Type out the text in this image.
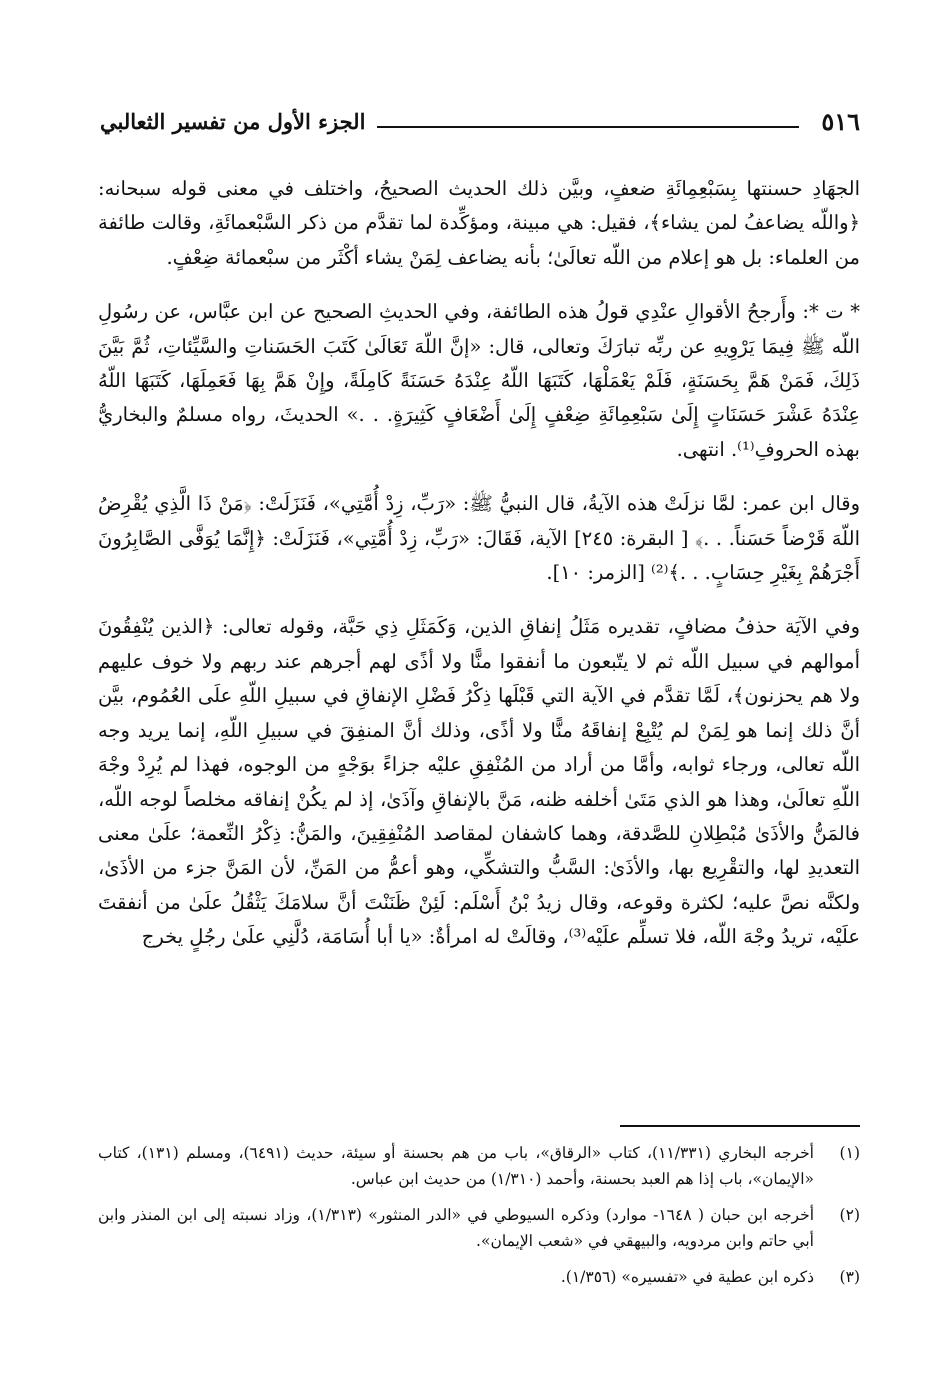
٥١٦
الجزء الأول من تفسير الثعالبي

الجهَادِ حسنتها بِسَبْعِمِائَةِ ضعفٍ، وبيَّن ذلك الحديث الصحيحُ، واختلف في معنى قوله سبحانه: ﴿واللّه يضاعفُ لمن يشاء﴾، فقيل: هي مبينة، ومؤكِّدة لما تقدَّم من ذكر السَّبْعمائَةِ، وقالت طائفة من العلماء: بل هو إعلام من اللّه تعالَىٰ؛ بأنه يضاعف لِمَنْ يشاء أكْثَر من سبْعمائة ضِعْفٍ.

* ت *: وأَرجحُ الأقوالِ عنْدِي قولُ هذه الطائفة، وفي الحديثِ الصحيح عن ابن عبَّاس، عن رسُولِ اللّه ﷺ فِيمَا يَرْوِيهِ عن ربِّه تبارَكَ وتعالى، قال: «إنَّ اللّهَ تَعَالَىٰ كَتَبَ الحَسَناتِ والسَّيِّئاتِ، ثُمَّ بَيَّنَ ذَلِكَ، فَمَنْ هَمَّ بِحَسَنَةٍ، فَلَمْ يَعْمَلْهَا، كَتَبَهَا اللّهُ عِنْدَهُ حَسَنَةً كَامِلَةً، وإِنْ هَمَّ بِهَا فَعَمِلَهَا، كَتَبَهَا اللّهُ عِنْدَهُ عَشْرَ حَسَنَاتٍ إِلَىٰ سَبْعِمِائَةِ ضِعْفٍ إِلَىٰ أَضْعَافٍ كَثِيرَةٍ. . .» الحديثَ، رواه مسلمٌ والبخاريُّ بهذه الحروفِ⁽¹⁾. انتهى.

وقال ابن عمر: لمَّا نزلَتْ هذه الآيةُ، قال النبيُّ ﷺ: «رَبِّ، زِدْ أُمَّتِي»، فَنَزَلَتْ: ﴿مَنْ ذَا الَّذِي يُقْرِضُ اللّهَ قَرْضاً حَسَناً. . .﴾ [ البقرة: ٢٤٥] الآية، فَقَالَ: «رَبِّ، زِدْ أُمَّتِي»، فَنَزَلَتْ: ﴿إِنَّمَا يُوَفَّى الصَّابِرُونَ أَجْرَهُمْ بِغَيْرِ حِسَابٍ. . .﴾⁽²⁾ [الزمر: ١٠].

وفي الآيَة حذفُ مضافٍ، تقديره مَثَلُ إنفاقِ الذين، وَكَمَثَلِ ذِي حَبَّة، وقوله تعالى: ﴿الذين يُنْفِقُونَ أموالهم في سبيل اللّه ثم لا يتّبعون ما أنفقوا منًّا ولا أذًى لهم أجرهم عند ربهم ولا خوف عليهم ولا هم يحزنون﴾، لَمَّا تقدَّم في الآية التي قَبْلَها ذِكْرُ فَضْلِ الإنفاقِ في سبيلِ اللّهِ علَى العُمُوم، بيَّن أنَّ ذلك إنما هو لِمَنْ لم يُتْبِعْ إنفاقَهُ منًّا ولا أذًى، وذلك أنَّ المنفِقَ في سبيلِ اللّهِ، إنما يريد وجه اللّه تعالى، ورجاء ثوابه، وأمَّا من أراد من المُنْفِقِ عليْه جزاءً بوَجْهٍ من الوجوه، فهذا لم يُرِدْ وجْهَ اللّهِ تعالَىٰ، وهذا هو الذي مَتَىٰ أخلفه ظنه، مَنَّ بالإنفاقِ وآذَىٰ، إذ لم يكُنْ إنفاقه مخلصاً لوجه اللّه، فالمَنُّ والأذَىٰ مُبْطِلانِ للصَّدقة، وهما كاشفان لمقاصد المُنْفِقِينَ، والمَنُّ: ذِكْرُ النِّعمة؛ علَىٰ معنى التعديدِ لها، والتقْرِيع بها، والأذَىٰ: السَّبُّ والتشكِّي، وهو أعمُّ من المَنِّ، لأن المَنَّ جزء من الأذَىٰ، ولكنَّه نصَّ عليه؛ لكثرة وقوعه، وقال زيدُ بْنُ أَسْلَم: لَئِنْ ظَنَنْتَ أنَّ سلامَكَ يَثْقُلُ علَىٰ من أنفقتَ علَيْه، تريدُ وجْهَ اللّه، فلا تسلِّم علَيْه⁽³⁾، وقالَتْ له امرأةٌ: «يا أبا أُسَامَة، دُلَّنِي علَىٰ رجُلٍ يخرج

(١)
أخرجه البخاري (١١/٣٣١)، كتاب «الرقاق»، باب من هم بحسنة أو سيئة، حديث (٦٤٩١)، ومسلم (١٣١)، كتاب «الإيمان»، باب إذا هم العبد بحسنة، وأحمد (١/٣١٠) من حديث ابن عباس.
(٢)
أخرجه ابن حبان ( ١٦٤٨- موارد) وذكره السيوطي في «الدر المنثور» (١/٣١٣)، وزاد نسبته إلى ابن المنذر وابن أبي حاتم وابن مردويه، والبيهقي في «شعب الإيمان».
(٣)
ذكره ابن عطية في «تفسيره» (١/٣٥٦).
